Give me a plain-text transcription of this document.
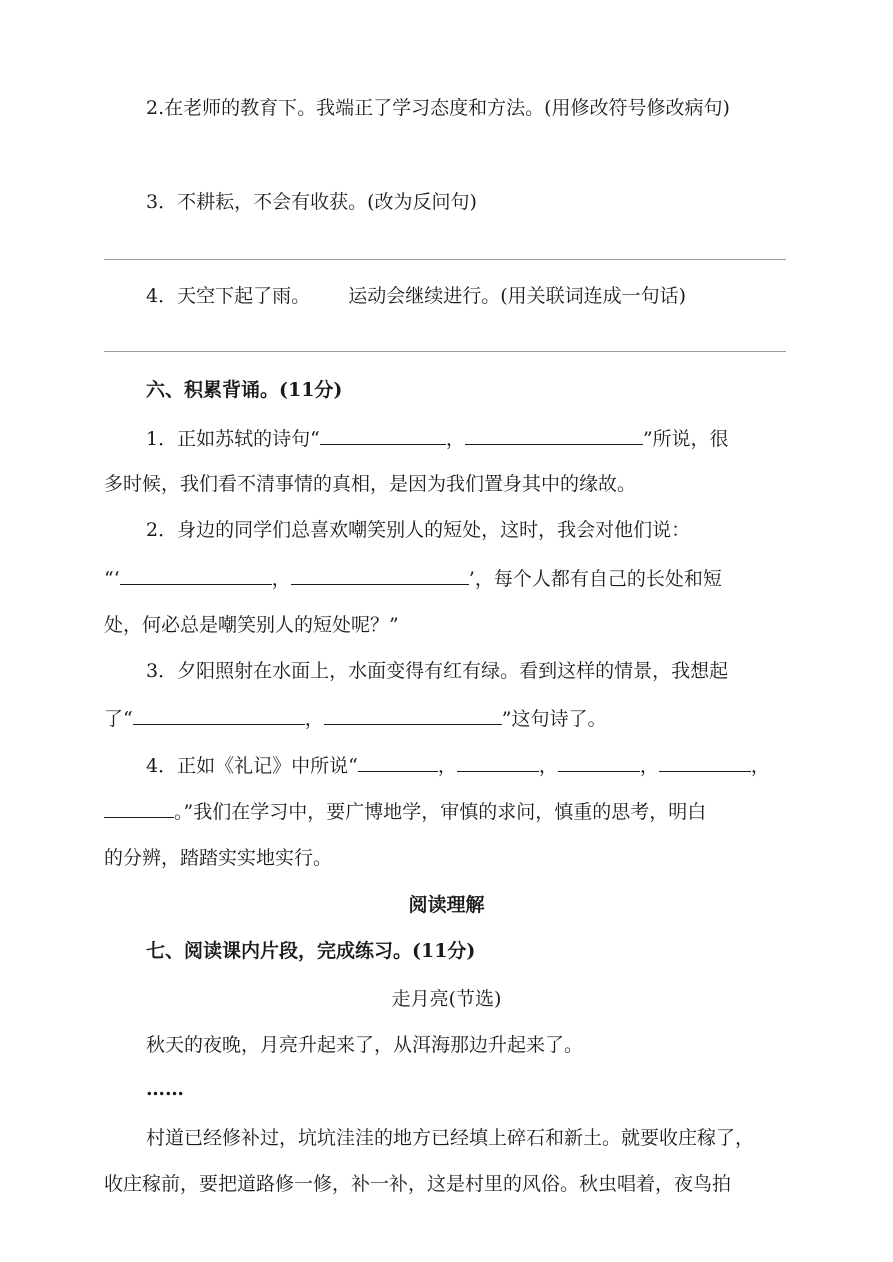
2.在老师的教育下。我端正了学习态度和方法。(用修改符号修改病句)
3．不耕耘，不会有收获。(改为反问句)
4．天空下起了雨。 运动会继续进行。(用关联词连成一句话)
六、积累背诵。(11分)
1．正如苏轼的诗句“	，	”所说，很
多时候，我们看不清事情的真相，是因为我们置身其中的缘故。
2．身边的同学们总喜欢嘲笑别人的短处，这时，我会对他们说：
“‘	，	’，每个人都有自己的长处和短
处，何必总是嘲笑别人的短处呢？”
3．夕阳照射在水面上，水面变得有红有绿。看到这样的情景，我想起
了“	，	”这句诗了。
4．正如《礼记》中所说“	，	，	，	，
。”我们在学习中，要广博地学，审慎的求问，慎重的思考，明白
的分辨，踏踏实实地实行。
阅读理解
七、阅读课内片段，完成练习。(11分)
走月亮(节选)
秋天的夜晚，月亮升起来了，从洱海那边升起来了。
……
村道已经修补过，坑坑洼洼的地方已经填上碎石和新土。就要收庄稼了，
收庄稼前，要把道路修一修，补一补，这是村里的风俗。秋虫唱着，夜鸟拍
